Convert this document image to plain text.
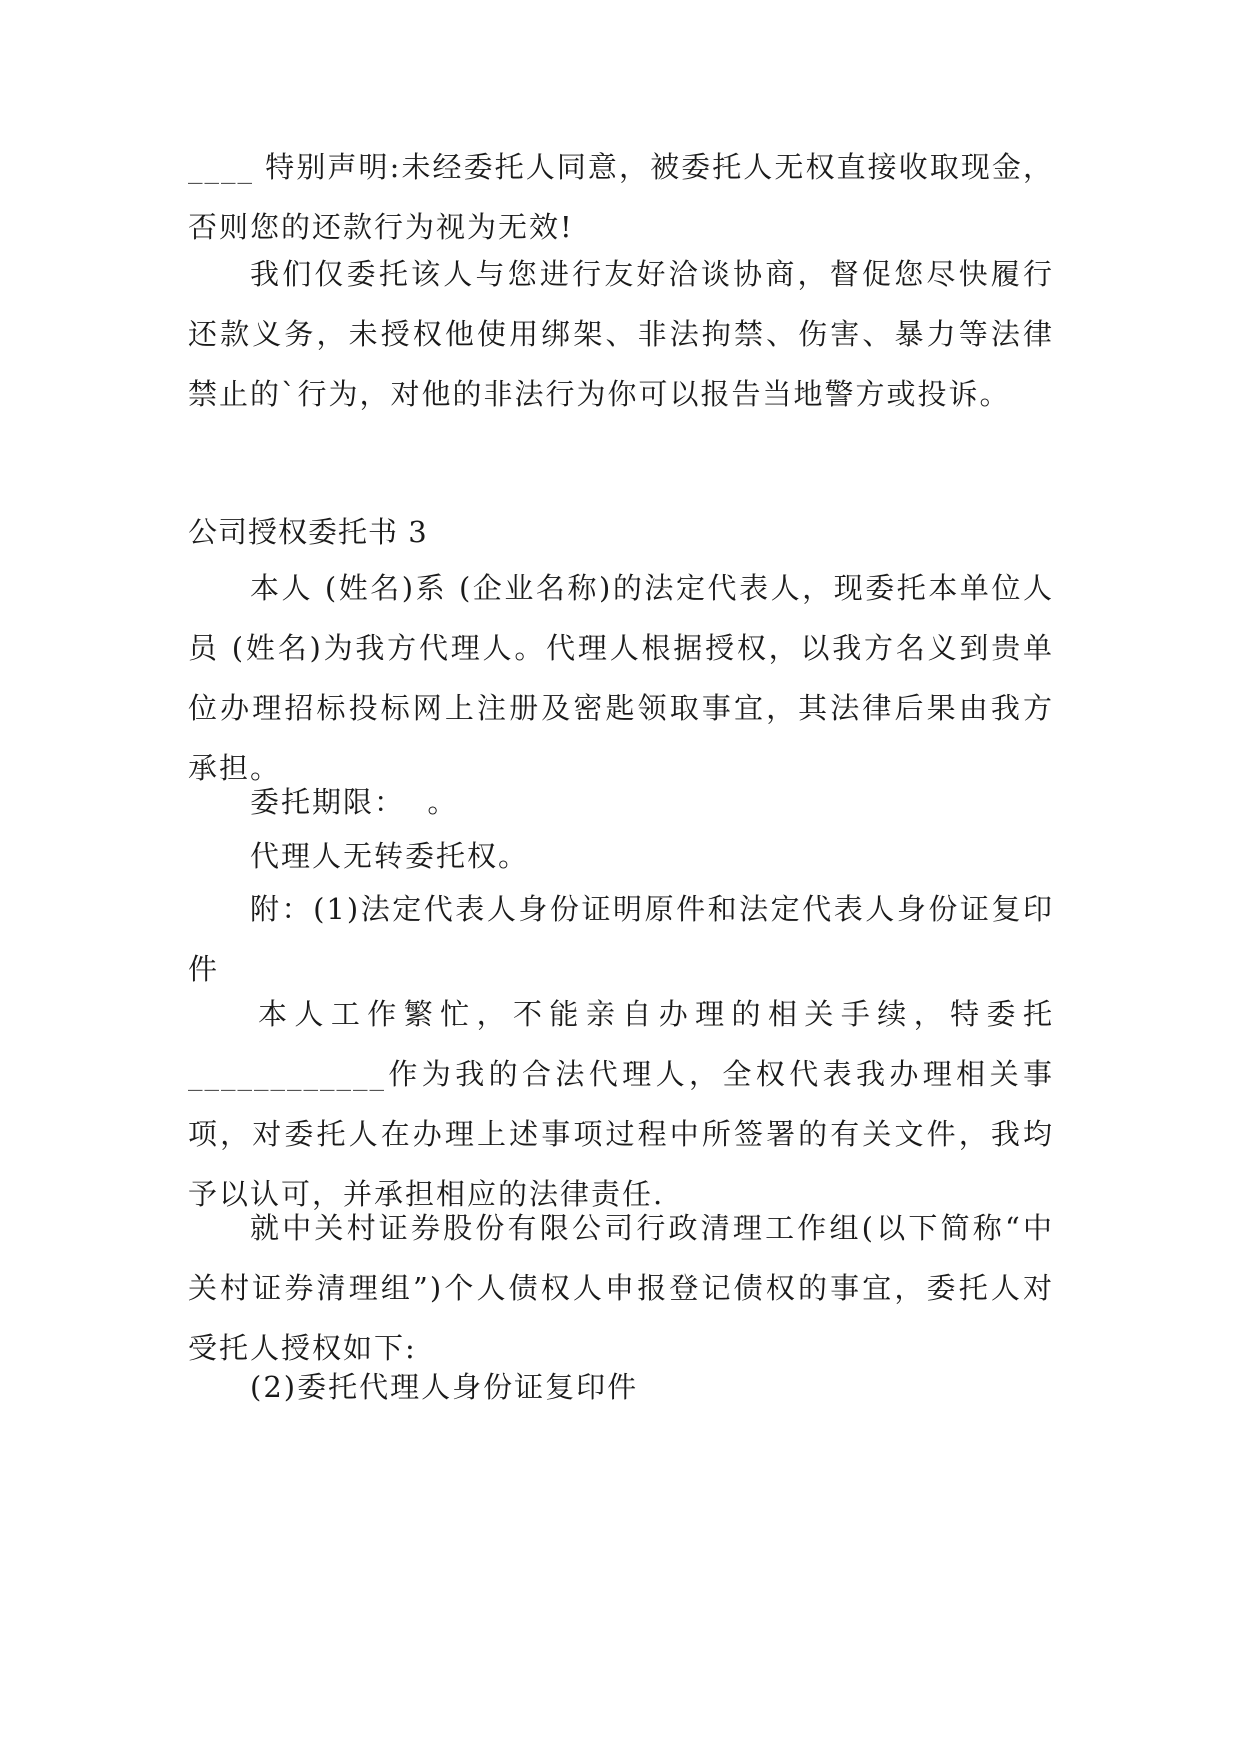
____ 特别声明:未经委托人同意，被委托人无权直接收取现金，否则您的还款行为视为无效!

我们仅委托该人与您进行友好洽谈协商，督促您尽快履行还款义务，未授权他使用绑架、非法拘禁、伤害、暴力等法律禁止的`行为，对他的非法行为你可以报告当地警方或投诉。

公司授权委托书 3

本人 (姓名)系 (企业名称)的法定代表人，现委托本单位人员 (姓名)为我方代理人。代理人根据授权，以我方名义到贵单位办理招标投标网上注册及密匙领取事宜，其法律后果由我方承担。

委托期限：  。

代理人无转委托权。

附：(1)法定代表人身份证明原件和法定代表人身份证复印件

本人工作繁忙，不能亲自办理的相关手续，特委托____________作为我的合法代理人，全权代表我办理相关事项，对委托人在办理上述事项过程中所签署的有关文件，我均予以认可，并承担相应的法律责任.

就中关村证券股份有限公司行政清理工作组(以下简称“中关村证券清理组”)个人债权人申报登记债权的事宜，委托人对受托人授权如下:

(2)委托代理人身份证复印件
